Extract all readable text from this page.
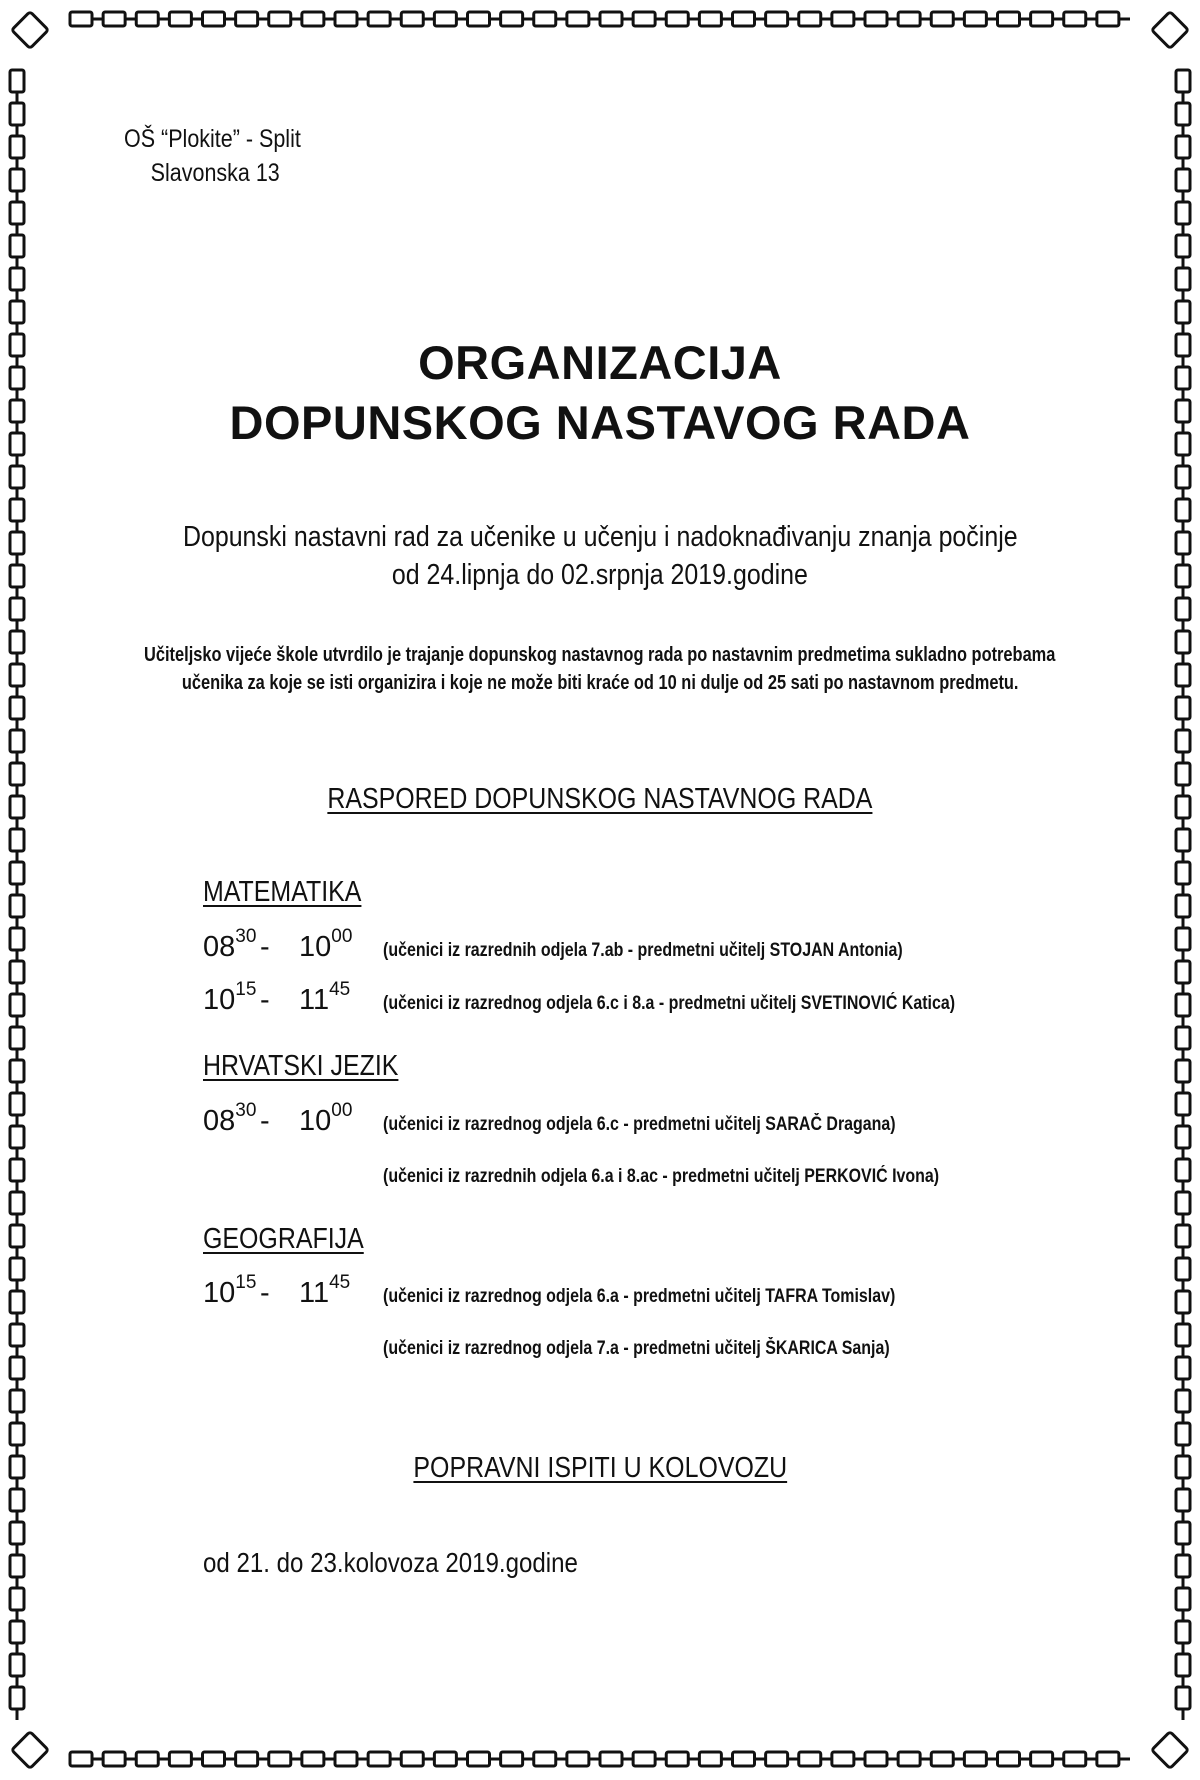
OŠ “Plokite” - Split
Slavonska 13
ORGANIZACIJA
DOPUNSKOG NASTAVOG RADA
Dopunski nastavni rad za učenike u učenju i nadoknađivanju znanja počinje
od 24.lipnja do 02.srpnja 2019.godine
Učiteljsko vijeće škole utvrdilo je trajanje dopunskog nastavnog rada po nastavnim predmetima sukladno potrebama
učenika za koje se isti organizira i koje ne može biti kraće od 10 ni dulje od 25 sati po nastavnom predmetu.
RASPORED DOPUNSKOG NASTAVNOG RADA
MATEMATIKA
$08^{30} - 10^{00}$
(učenici iz razrednih odjela 7.ab - predmetni učitelj STOJAN Antonia)
$10^{15} - 11^{45}$
(učenici iz razrednog odjela 6.c i 8.a - predmetni učitelj SVETINOVIĆ Katica)
HRVATSKI JEZIK
$08^{30} - 10^{00}$
(učenici iz razrednog odjela 6.c - predmetni učitelj SARAČ Dragana)
(učenici iz razrednih odjela 6.a i 8.ac - predmetni učitelj PERKOVIĆ Ivona)
GEOGRAFIJA
$10^{15} - 11^{45}$
(učenici iz razrednog odjela 6.a - predmetni učitelj TAFRA Tomislav)
(učenici iz razrednog odjela 7.a - predmetni učitelj ŠKARICA Sanja)
POPRAVNI ISPITI U KOLOVOZU
od 21. do 23.kolovoza 2019.godine
